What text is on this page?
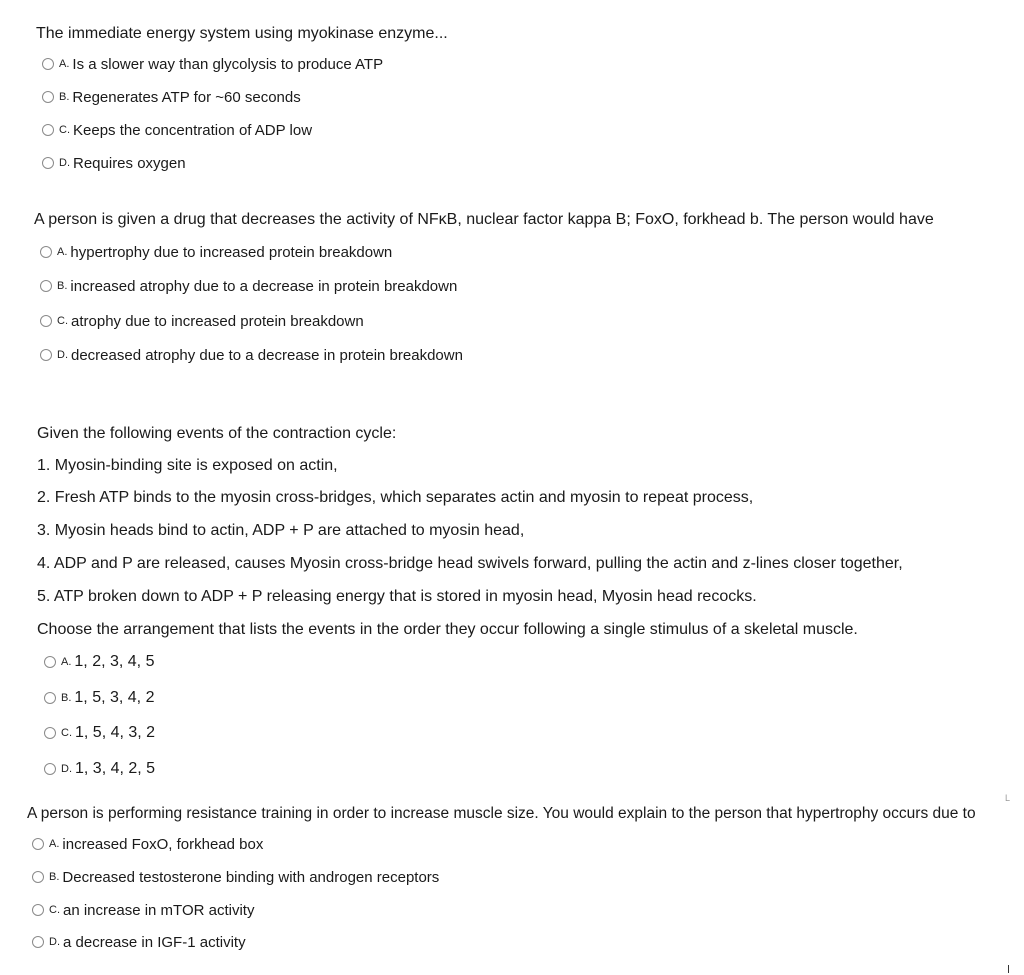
The immediate energy system using myokinase enzyme...
A. Is a slower way than glycolysis to produce ATP
B. Regenerates ATP for ~60 seconds
C. Keeps the concentration of ADP low
D. Requires oxygen
A person is given a drug that decreases the activity of NFκB, nuclear factor kappa B; FoxO, forkhead b. The person would have
A. hypertrophy due to increased protein breakdown
B. increased atrophy due to a decrease in protein breakdown
C. atrophy due to increased protein breakdown
D. decreased atrophy due to a decrease in protein breakdown
Given the following events of the contraction cycle:
1. Myosin-binding site is exposed on actin,
2. Fresh ATP binds to the myosin cross-bridges, which separates actin and myosin to repeat process,
3. Myosin heads bind to actin, ADP + P are attached to myosin head,
4. ADP and P are released, causes Myosin cross-bridge head swivels forward, pulling the actin and z-lines closer together,
5. ATP broken down to ADP + P releasing energy that is stored in myosin head, Myosin head recocks.
Choose the arrangement that lists the events in the order they occur following a single stimulus of a skeletal muscle.
A. 1, 2, 3, 4, 5
B. 1, 5, 3, 4, 2
C. 1, 5, 4, 3, 2
D. 1, 3, 4, 2, 5
L
A person is performing resistance training in order to increase muscle size. You would explain to the person that hypertrophy occurs due to
A. increased FoxO, forkhead box
B. Decreased testosterone binding with androgen receptors
C. an increase in mTOR activity
D. a decrease in IGF-1 activity
